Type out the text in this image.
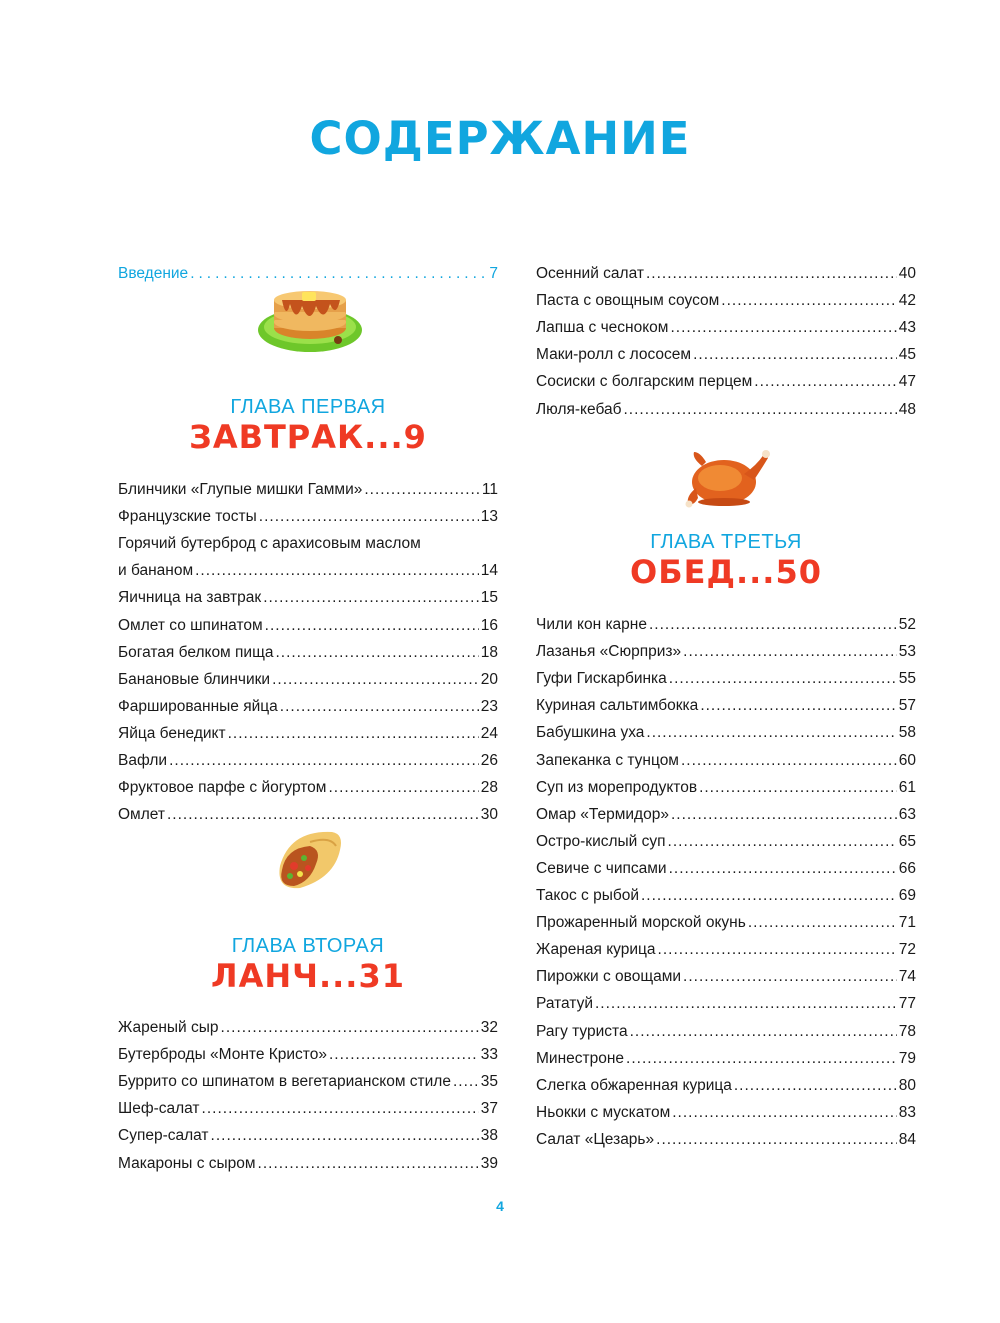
СОДЕРЖАНИЕ
Введение .....	7
ГЛАВА ПЕРВАЯ
ЗАВТРАК...9
Блинчики «Глупые мишки Гамми» .....	11
Французские тосты .....	13
Горячий бутерброд с арахисовым маслом
и бананом .....	14
Яичница на завтрак .....	15
Омлет со шпинатом .....	16
Богатая белком пища .....	18
Банановые блинчики .....	20
Фаршированные яйца .....	23
Яйца бенедикт .....	24
Вафли .....	26
Фруктовое парфе с йогуртом .....	28
Омлет .....	30
ГЛАВА ВТОРАЯ
ЛАНЧ...31
Жареный сыр .....	32
Бутерброды «Монте Кристо» .....	33
Буррито со шпинатом в вегетарианском стиле ..... 35
Шеф-салат .....	37
Супер-салат .....	38
Макароны с сыром .....	39
Осенний салат .....	40
Паста с овощным соусом .....	42
Лапша с чесноком .....	43
Маки-ролл с лососем .....	45
Сосиски с болгарским перцем .....	47
Люля-кебаб .....	48
ГЛАВА ТРЕТЬЯ
ОБЕД...50
Чили кон карне .....	52
Лазанья «Сюрприз» .....	53
Гуфи Гискарбинка .....	55
Куриная сальтимбокка .....	57
Бабушкина уха .....	58
Запеканка с тунцом .....	60
Суп из морепродуктов .....	61
Омар «Термидор» .....	63
Остро-кислый суп .....	65
Севиче с чипсами .....	66
Такос с рыбой .....	69
Прожаренный морской окунь .....	71
Жареная курица .....	72
Пирожки с овощами .....	74
Рататуй .....	77
Рагу туриста .....	78
Минестроне .....	79
Слегка обжаренная курица .....	80
Ньокки с мускатом .....	83
Салат «Цезарь» .....	84
4
